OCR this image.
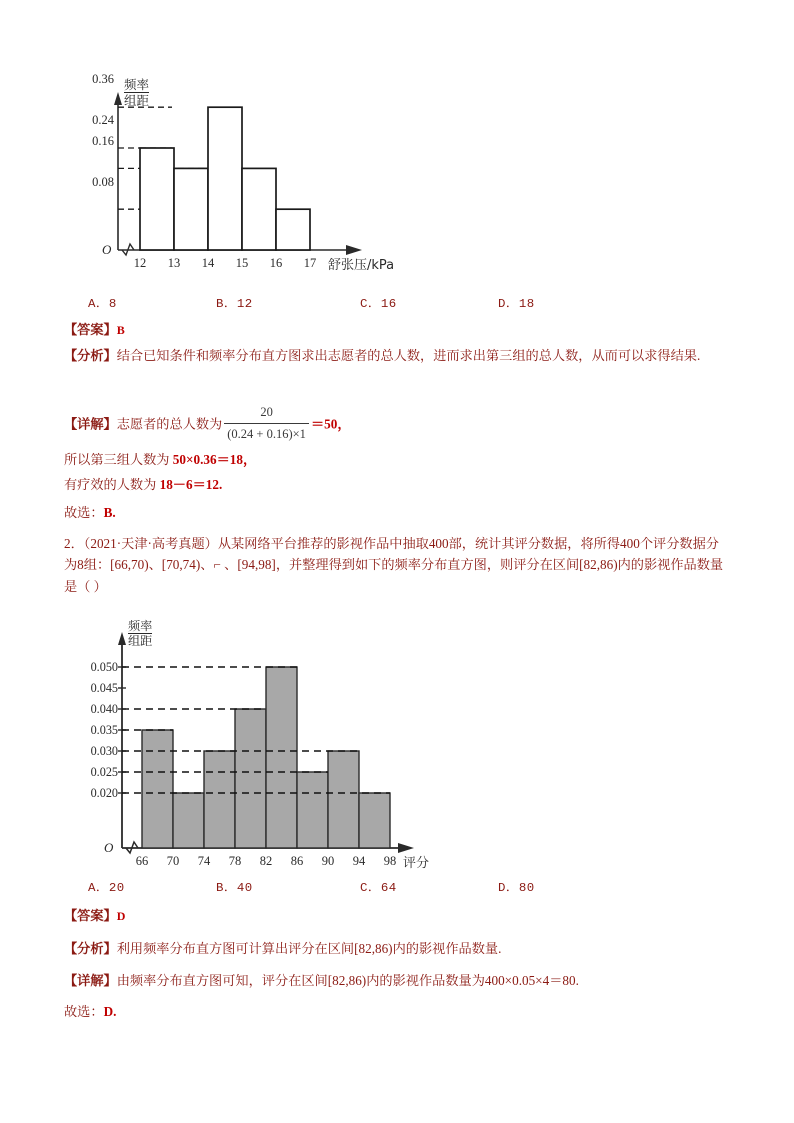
0.08
0.16
0.24
0.36 频率
组距
O
12	13	14	15	16	17 舒张压/kPa
A．8	B．12	C．16	D．18
【答案】B
【分析】结合已知条件和频率分布直方图求出志愿者的总人数，进而求出第三组的总人数，从而可以求得结果.
【详解】志愿者的总人数为 $\frac{20}{(0.24 + 0.16)\times 1} =50$，
所以第三组人数为 50×0.36＝18，
有疗效的人数为 18－6＝12.
故选：B.
2．（2021·天津·高考真题）从某网络平台推荐的影视作品中抽取400部，统计其评分数据，将所得400个评分数据分为8组：[66,70)、[70,74)、⌐ 、[94,98]，并整理得到如下的频率分布直方图，则评分在区间[82,86)内的影视作品数量是（ ）
0.050
0.045
0.040
0.035
0.030
0.025
0.020
频率
组距
O
66	70	74	78	82	86	90	94	98 评分
A．20	B．40	C．64	D．80
【答案】D
【分析】利用频率分布直方图可计算出评分在区间[82,86)内的影视作品数量.
【详解】由频率分布直方图可知，评分在区间[82,86)内的影视作品数量为400×0.05×4＝80.
故选：D.
